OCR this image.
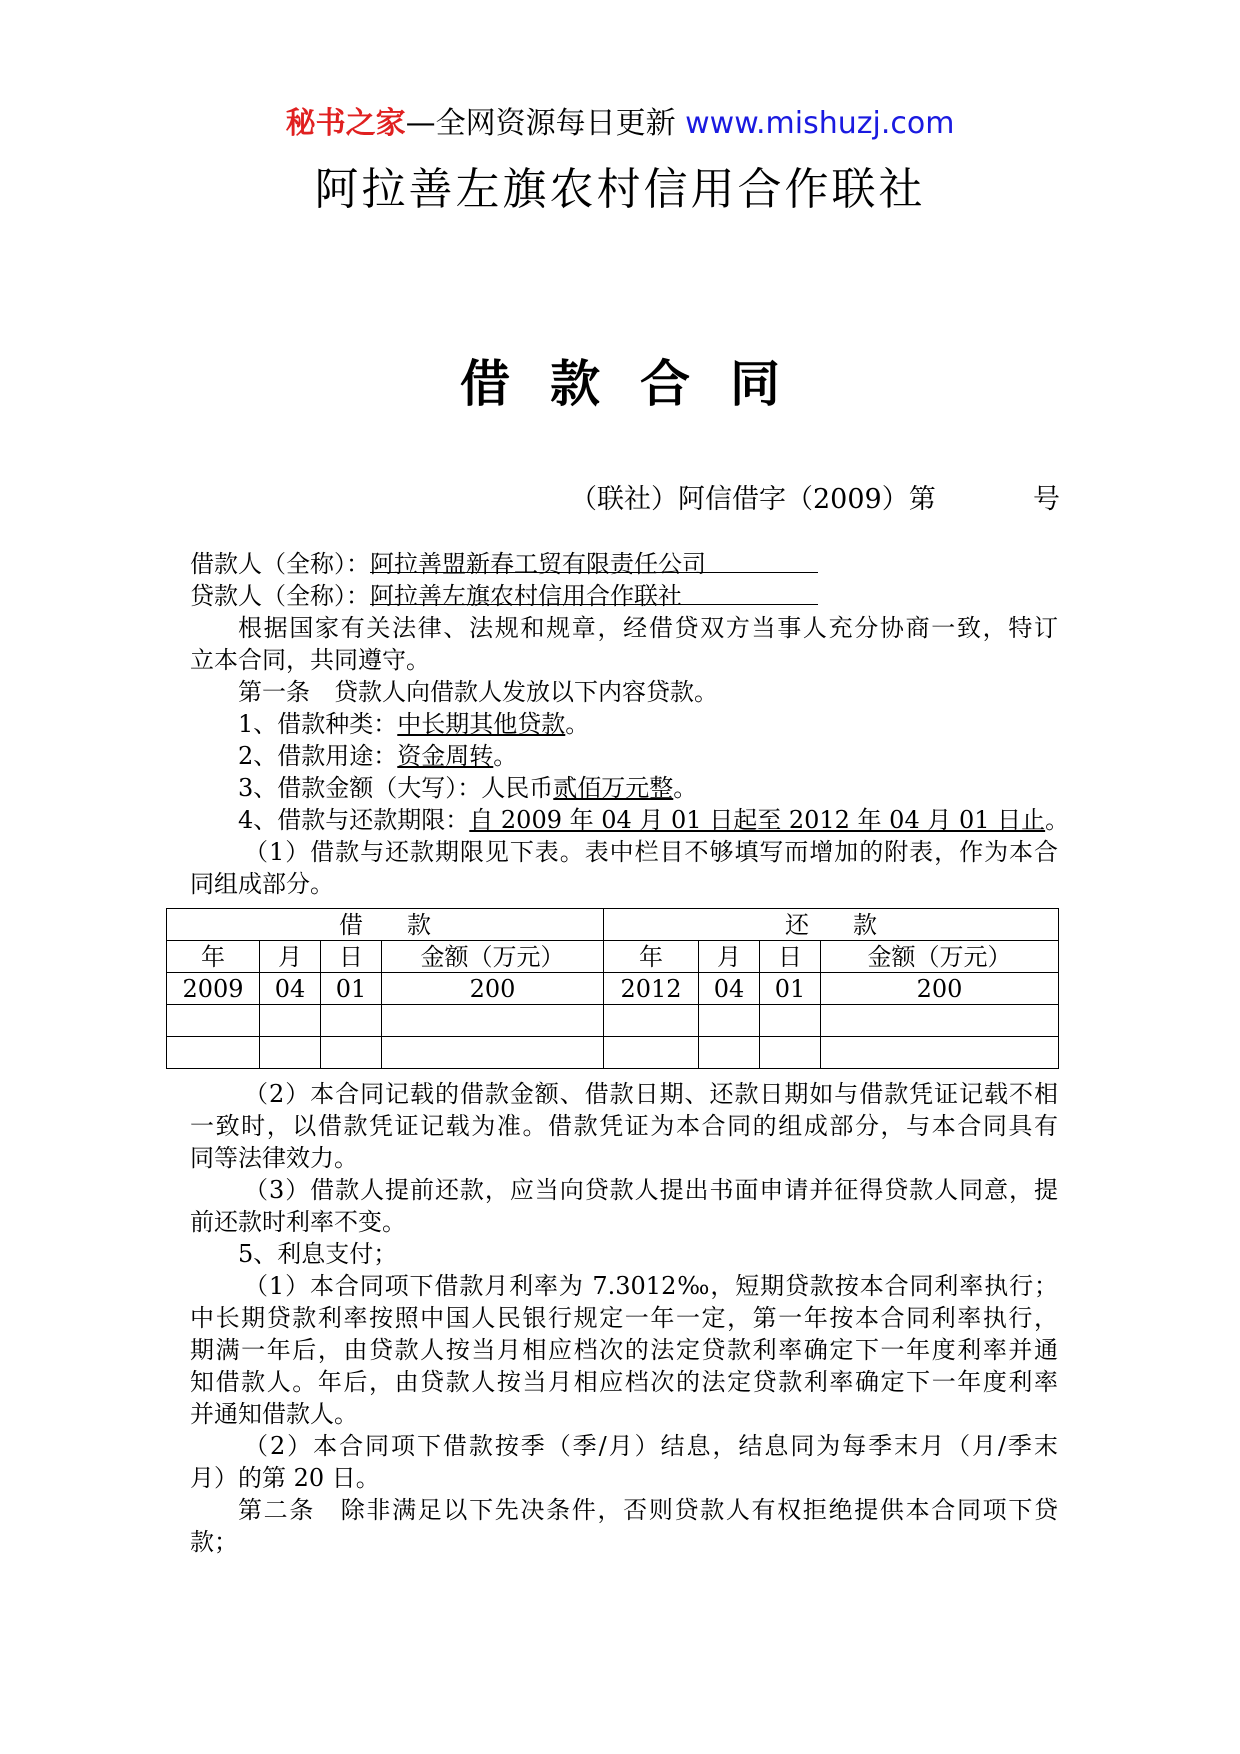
秘书之家—全网资源每日更新 www.mishuzj.com
阿拉善左旗农村信用合作联社
借款合同
（联社）阿信借字（2009）第	号
借款人（全称）：阿拉善盟新春工贸有限责任公司
贷款人（全称）：阿拉善左旗农村信用合作联社
根据国家有关法律、法规和规章，经借贷双方当事人充分协商一致，特订
立本合同，共同遵守。
第一条　贷款人向借款人发放以下内容贷款。
1、借款种类：中长期其他贷款。
2、借款用途：资金周转。
3、借款金额（大写）：人民币贰佰万元整。
4、借款与还款期限：自 2009 年 04 月 01 日起至 2012 年 04 月 01 日止。
（1）借款与还款期限见下表。表中栏目不够填写而增加的附表，作为本合
同组成部分。
借款				还款			
年	月	日	金额（万元）	年	月	日	金额（万元）
2009	04	01	200	2012	04	01	200

（2）本合同记载的借款金额、借款日期、还款日期如与借款凭证记载不相
一致时，以借款凭证记载为准。借款凭证为本合同的组成部分，与本合同具有
同等法律效力。
（3）借款人提前还款，应当向贷款人提出书面申请并征得贷款人同意，提
前还款时利率不变。
5、利息支付；
（1）本合同项下借款月利率为 7.3012‰，短期贷款按本合同利率执行；
中长期贷款利率按照中国人民银行规定一年一定，第一年按本合同利率执行，
期满一年后，由贷款人按当月相应档次的法定贷款利率确定下一年度利率并通
知借款人。年后，由贷款人按当月相应档次的法定贷款利率确定下一年度利率
并通知借款人。
（2）本合同项下借款按季（季/月）结息，结息同为每季末月（月/季末
月）的第 20 日。
第二条　除非满足以下先决条件，否则贷款人有权拒绝提供本合同项下贷
款；
